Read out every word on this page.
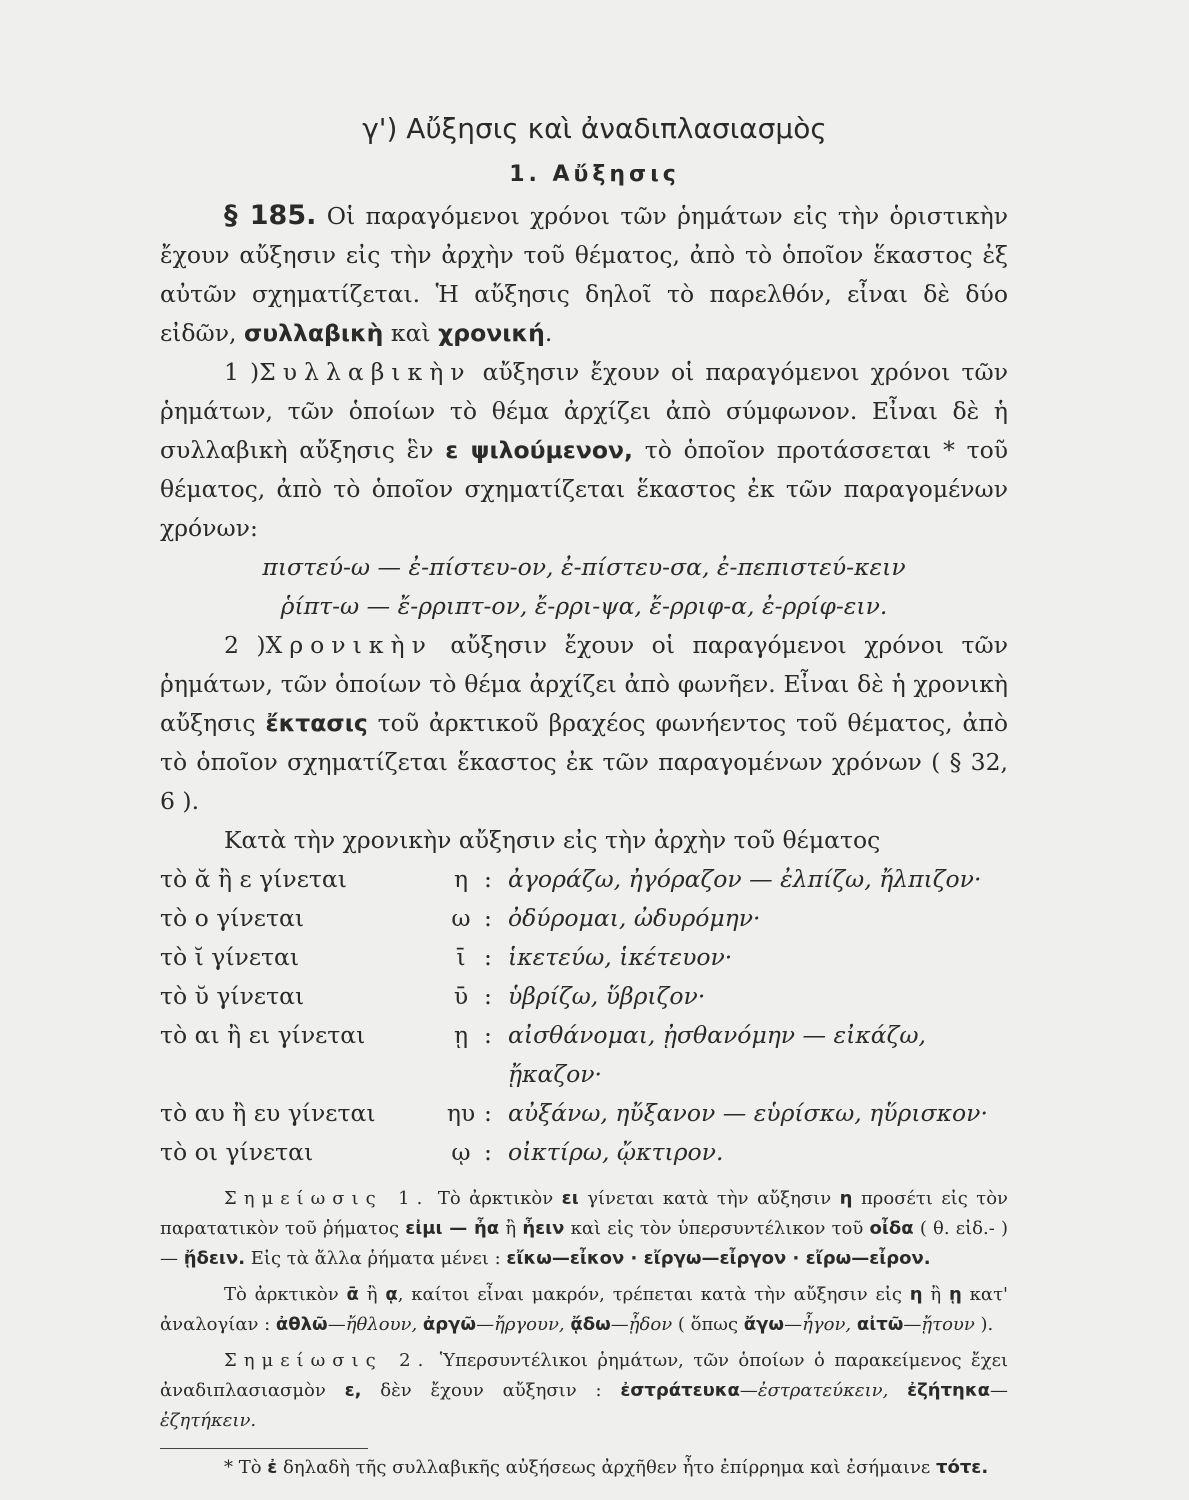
γ') Αὔξησις καὶ ἀναδιπλασιασμὸς
1. Αὔξησις

§ 185. Οἱ παραγόμενοι χρόνοι τῶν ῥημάτων εἰς τὴν ὁριστικὴν ἔχουν αὔξησιν εἰς τὴν ἀρχὴν τοῦ θέματος, ἀπὸ τὸ ὁποῖον ἕκαστος ἐξ αὐτῶν σχηματίζεται. Ἡ αὔξησις δηλοῖ τὸ παρελθόν, εἶναι δὲ δύο εἰδῶν, συλλαβικὴ καὶ χρονική.

1 )Συλλαβικὴν αὔξησιν ἔχουν οἱ παραγόμενοι χρόνοι τῶν ῥημάτων, τῶν ὁποίων τὸ θέμα ἀρχίζει ἀπὸ σύμφωνον. Εἶναι δὲ ἡ συλλαβικὴ αὔξησις ἓν ε ψιλούμενον, τὸ ὁποῖον προτάσσεται * τοῦ θέματος, ἀπὸ τὸ ὁποῖον σχηματίζεται ἕκαστος ἐκ τῶν παραγομένων χρόνων:

πιστεύ-ω — ἐ-πίστευ-ον, ἐ-πίστευ-σα, ἐ-πεπιστεύ-κειν

ῥίπτ-ω — ἔ-ρριπτ-ον, ἔ-ρρι-ψα, ἔ-ρριφ-α, ἐ-ρρίφ-ειν.

2 )Χρονικὴν αὔξησιν ἔχουν οἱ παραγόμενοι χρόνοι τῶν ῥημάτων, τῶν ὁποίων τὸ θέμα ἀρχίζει ἀπὸ φωνῆεν. Εἶναι δὲ ἡ χρονικὴ αὔξησις ἔκτασις τοῦ ἀρκτικοῦ βραχέος φωνήεντος τοῦ θέματος, ἀπὸ τὸ ὁποῖον σχηματίζεται ἕκαστος ἐκ τῶν παραγομένων χρόνων ( § 32, 6 ).

Κατὰ τὴν χρονικὴν αὔξησιν εἰς τὴν ἀρχὴν τοῦ θέματος

τὸ ᾰ ἢ ε γίνεται	η : ἀγοράζω, ἠγόραζον — ἐλπίζω, ἤλπιζον·
τὸ ο γίνεται	ω : ὀδύρομαι, ὠδυρόμην·
τὸ ῐ γίνεται	ῑ : ἱκετεύω, ἱκέτευον·
τὸ ῠ γίνεται	ῡ : ὑβρίζω, ὕβριζον·
τὸ αι ἢ ει γίνεται	ῃ : αἰσθάνομαι, ᾐσθανόμην — εἰκάζω, ᾔκαζον·
τὸ αυ ἢ ευ γίνεται	ηυ : αὐξάνω, ηὔξανον — εὑρίσκω, ηὕρισκον·
τὸ οι γίνεται	ῳ : οἰκτίρω, ᾤκτιρον.

Σημείωσις 1. Τὸ ἀρκτικὸν ει γίνεται κατὰ τὴν αὔξησιν η προσέτι εἰς τὸν παρατατικὸν τοῦ ῥήματος εἰμι — ἦα ἢ ἦειν καὶ εἰς τὸν ὑπερσυντέλικον τοῦ οἶδα ( θ. εἰδ.- )— ᾔδειν. Εἰς τὰ ἄλλα ῥήματα μένει : εἴκω—εἶκον · εἴργω—εἶργον · εἴρω—εἶρον.

Τὸ ἀρκτικὸν ᾱ ἢ ᾳ, καίτοι εἶναι μακρόν, τρέπεται κατὰ τὴν αὔξησιν εἰς η ἢ ῃ κατ' ἀναλογίαν : ἀθλῶ—ἤθλουν, ἀργῶ—ἤργουν, ᾄδω—ᾖδον ( ὅπως ἄγω—ἦγον, αἰτῶ—ᾔτουν ).

Σημείωσις 2. Ὑπερσυντέλικοι ῥημάτων, τῶν ὁποίων ὁ παρακείμενος ἔχει ἀναδιπλασιασμὸν ε, δὲν ἔχουν αὔξησιν : ἐστράτευκα—ἐστρατεύκειν, ἐζήτηκα— ἐζητήκειν.

* Τὸ ἐ δηλαδὴ τῆς συλλαβικῆς αὐξήσεως ἀρχῆθεν ἦτο ἐπίρρημα καὶ ἐσήμαινε τότε.
